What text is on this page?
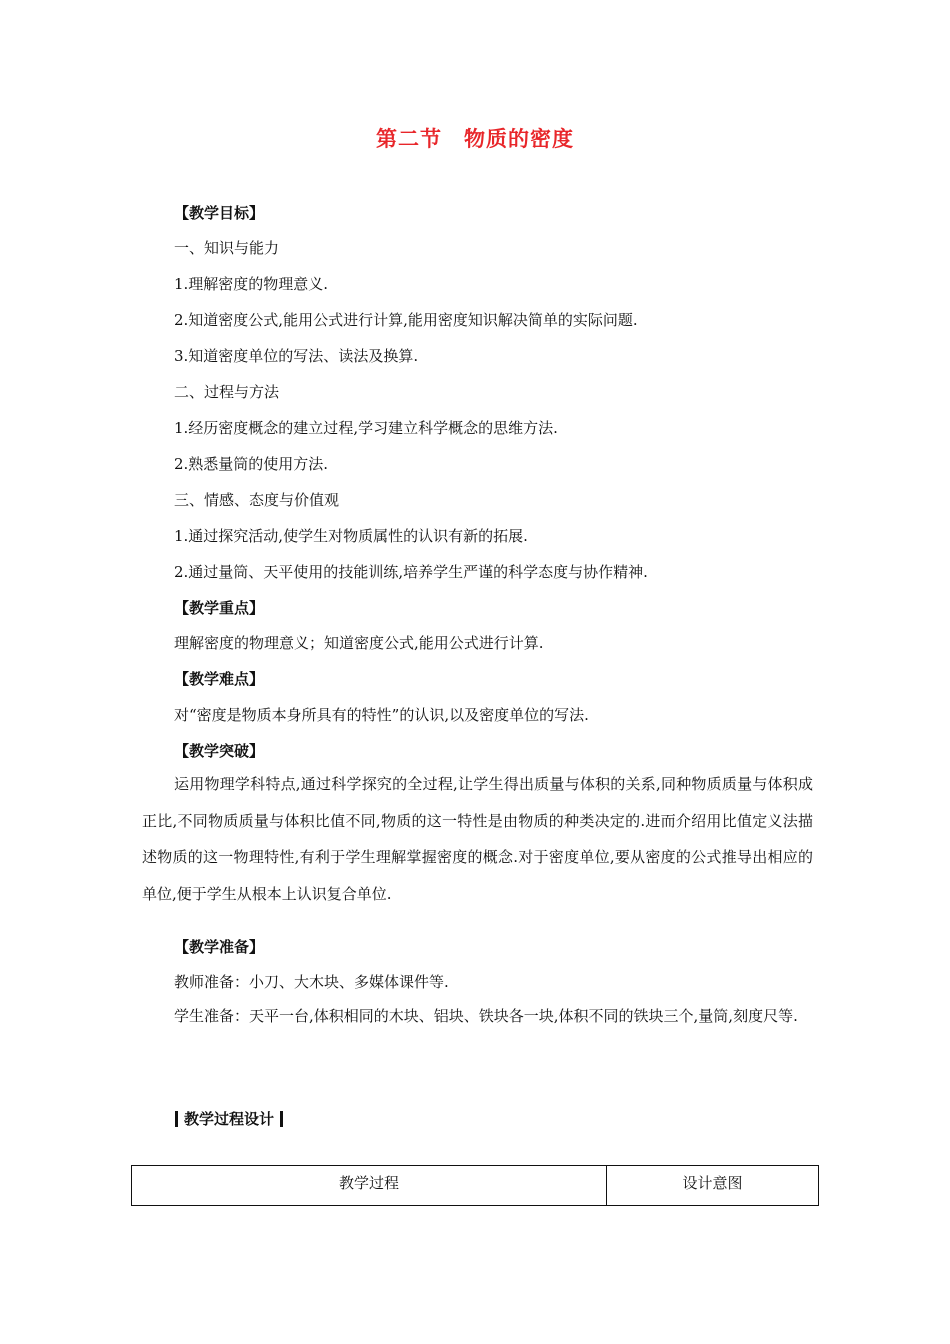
第二节　物质的密度
【教学目标】
一、知识与能力
1.理解密度的物理意义.
2.知道密度公式,能用公式进行计算,能用密度知识解决简单的实际问题.
3.知道密度单位的写法、读法及换算.
二、过程与方法
1.经历密度概念的建立过程,学习建立科学概念的思维方法.
2.熟悉量筒的使用方法.
三、情感、态度与价值观
1.通过探究活动,使学生对物质属性的认识有新的拓展.
2.通过量筒、天平使用的技能训练,培养学生严谨的科学态度与协作精神.
【教学重点】
理解密度的物理意义；知道密度公式,能用公式进行计算.
【教学难点】
对“密度是物质本身所具有的特性”的认识,以及密度单位的写法.
【教学突破】
运用物理学科特点,通过科学探究的全过程,让学生得出质量与体积的关系,同种物质质量与体积成正比,不同物质质量与体积比值不同,物质的这一特性是由物质的种类决定的.进而介绍用比值定义法描述物质的这一物理特性,有利于学生理解掌握密度的概念.对于密度单位,要从密度的公式推导出相应的单位,便于学生从根本上认识复合单位.
【教学准备】
教师准备：小刀、大木块、多媒体课件等.
学生准备：天平一台,体积相同的木块、铝块、铁块各一块,体积不同的铁块三个,量筒,刻度尺等.
教学过程设计
教学过程	设计意图
